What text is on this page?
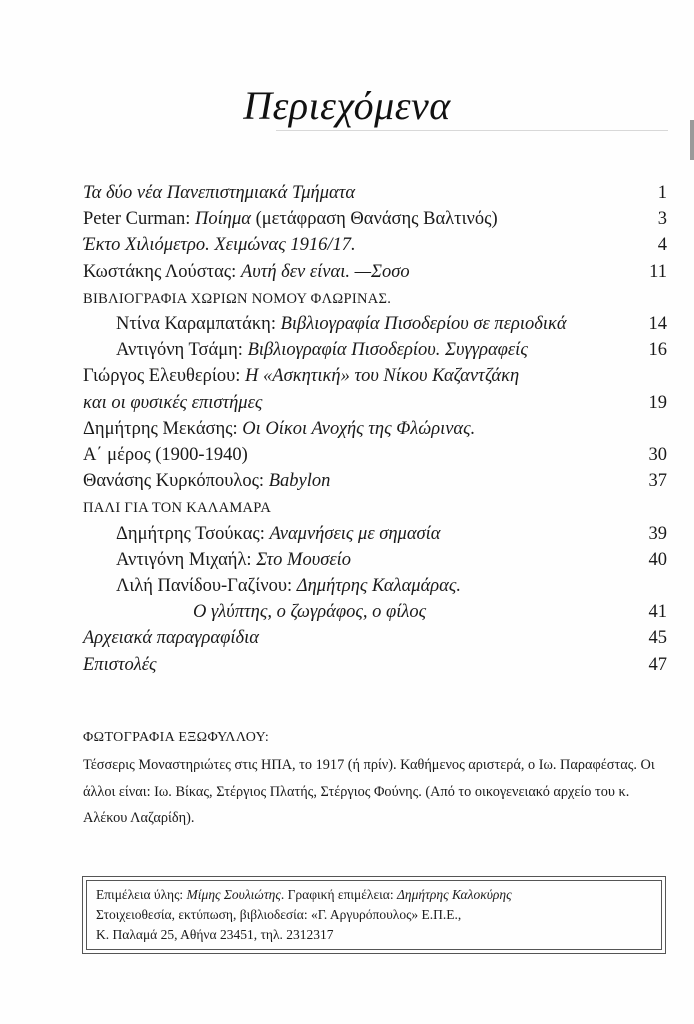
Περιεχόμενα
Τα δύο νέα Πανεπιστημιακά Τμήματα	1
Peter Curman: Ποίημα (μετάφραση Θανάσης Βαλτινός)	3
Έκτο Χιλιόμετρο. Χειμώνας 1916/17.	4
Κωστάκης Λούστας: Αυτή δεν είναι. —Σοσο	11
ΒΙΒΛΙΟΓΡΑΦΙΑ ΧΩΡΙΩΝ ΝΟΜΟΥ ΦΛΩΡΙΝΑΣ.
Ντίνα Καραμπατάκη: Βιβλιογραφία Πισοδερίου σε περιοδικά	14
Αντιγόνη Τσάμη: Βιβλιογραφία Πισοδερίου. Συγγραφείς	16
Γιώργος Ελευθερίου: Η «Ασκητική» του Νίκου Καζαντζάκη
και οι φυσικές επιστήμες	19
Δημήτρης Μεκάσης: Οι Οίκοι Ανοχής της Φλώρινας.
Α΄ μέρος (1900-1940)	30
Θανάσης Κυρκόπουλος: Babylon	37
ΠΑΛΙ ΓΙΑ ΤΟΝ ΚΑΛΑΜΑΡΑ
Δημήτρης Τσούκας: Αναμνήσεις με σημασία	39
Αντιγόνη Μιχαήλ: Στο Μουσείο	40
Λιλή Πανίδου-Γαζίνου: Δημήτρης Καλαμάρας.
Ο γλύπτης, ο ζωγράφος, ο φίλος	41
Αρχειακά παραγραφίδια	45
Επιστολές	47
ΦΩΤΟΓΡΑΦΙΑ ΕΞΩΦΥΛΛΟΥ:
Τέσσερις Μοναστηριώτες στις ΗΠΑ, το 1917 (ή πρίν). Καθήμενος αριστερά, ο Ιω. Παραφέστας. Οι άλλοι είναι: Ιω. Βίκας, Στέργιος Πλατής, Στέργιος Φούνης. (Από το οικογενειακό αρχείο του κ. Αλέκου Λαζαρίδη).
Επιμέλεια ύλης: Μίμης Σουλιώτης. Γραφική επιμέλεια: Δημήτρης Καλοκύρης
Στοιχειοθεσία, εκτύπωση, βιβλιοδεσία: «Γ. Αργυρόπουλος» Ε.Π.Ε.,
Κ. Παλαμά 25, Αθήνα 23451, τηλ. 2312317
